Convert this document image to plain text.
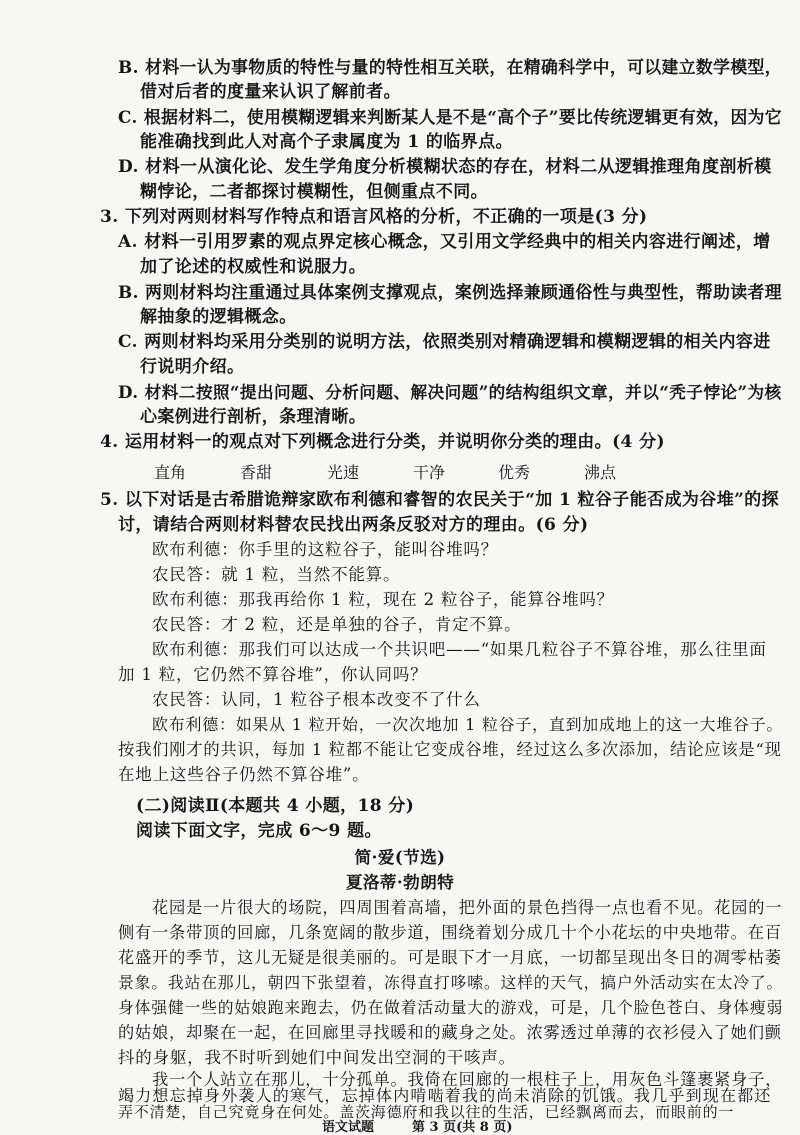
B. 材料一认为事物质的特性与量的特性相互关联，在精确科学中，可以建立数学模型，
借对后者的度量来认识了解前者。
C. 根据材料二，使用模糊逻辑来判断某人是不是“高个子”要比传统逻辑更有效，因为它
能准确找到此人对高个子隶属度为 1 的临界点。
D. 材料一从演化论、发生学角度分析模糊状态的存在，材料二从逻辑推理角度剖析模
糊悖论，二者都探讨模糊性，但侧重点不同。
3. 下列对两则材料写作特点和语言风格的分析，不正确的一项是(3 分)
A. 材料一引用罗素的观点界定核心概念，又引用文学经典中的相关内容进行阐述，增
加了论述的权威性和说服力。
B. 两则材料均注重通过具体案例支撑观点，案例选择兼顾通俗性与典型性，帮助读者理
解抽象的逻辑概念。
C. 两则材料均采用分类别的说明方法，依照类别对精确逻辑和模糊逻辑的相关内容进
行说明介绍。
D. 材料二按照“提出问题、分析问题、解决问题”的结构组织文章，并以“秃子悖论”为核
心案例进行剖析，条理清晰。
4. 运用材料一的观点对下列概念进行分类，并说明你分类的理由。(4 分)
直角	香甜	光速	干净	优秀	沸点
5. 以下对话是古希腊诡辩家欧布利德和睿智的农民关于“加 1 粒谷子能否成为谷堆”的探
讨，请结合两则材料替农民找出两条反驳对方的理由。(6 分)
欧布利德：你手里的这粒谷子，能叫谷堆吗？
农民答：就 1 粒，当然不能算。
欧布利德：那我再给你 1 粒，现在 2 粒谷子，能算谷堆吗？
农民答：才 2 粒，还是单独的谷子，肯定不算。
欧布利德：那我们可以达成一个共识吧——“如果几粒谷子不算谷堆，那么往里面
加 1 粒，它仍然不算谷堆”，你认同吗？
农民答：认同，1 粒谷子根本改变不了什么
欧布利德：如果从 1 粒开始，一次次地加 1 粒谷子，直到加成地上的这一大堆谷子。
按我们刚才的共识，每加 1 粒都不能让它变成谷堆，经过这么多次添加，结论应该是“现
在地上这些谷子仍然不算谷堆”。
(二)阅读Ⅱ(本题共 4 小题，18 分)
阅读下面文字，完成 6～9 题。
简·爱(节选)
夏洛蒂·勃朗特
花园是一片很大的场院，四周围着高墙，把外面的景色挡得一点也看不见。花园的一
侧有一条带顶的回廊，几条宽阔的散步道，围绕着划分成几十个小花坛的中央地带。在百
花盛开的季节，这儿无疑是很美丽的。可是眼下才一月底，一切都呈现出冬日的凋零枯萎
景象。我站在那儿，朝四下张望着，冻得直打哆嗦。这样的天气，搞户外活动实在太冷了。
身体强健一些的姑娘跑来跑去，仍在做着活动量大的游戏，可是，几个脸色苍白、身体瘦弱
的姑娘，却聚在一起，在回廊里寻找暖和的藏身之处。浓雾透过单薄的衣衫侵入了她们颤
抖的身躯，我不时听到她们中间发出空洞的干咳声。
我一个人站立在那儿，十分孤单。我倚在回廊的一根柱子上，用灰色斗篷裹紧身子，
竭力想忘掉身外袭人的寒气，忘掉体内啃啮着我的尚未消除的饥饿。我几乎到现在都还
语文试题	第 3 页(共 8 页)
弄不清楚，自己究竟身在何处。盖茨海德府和我以往的生活，已经飘离而去，而眼前的一
